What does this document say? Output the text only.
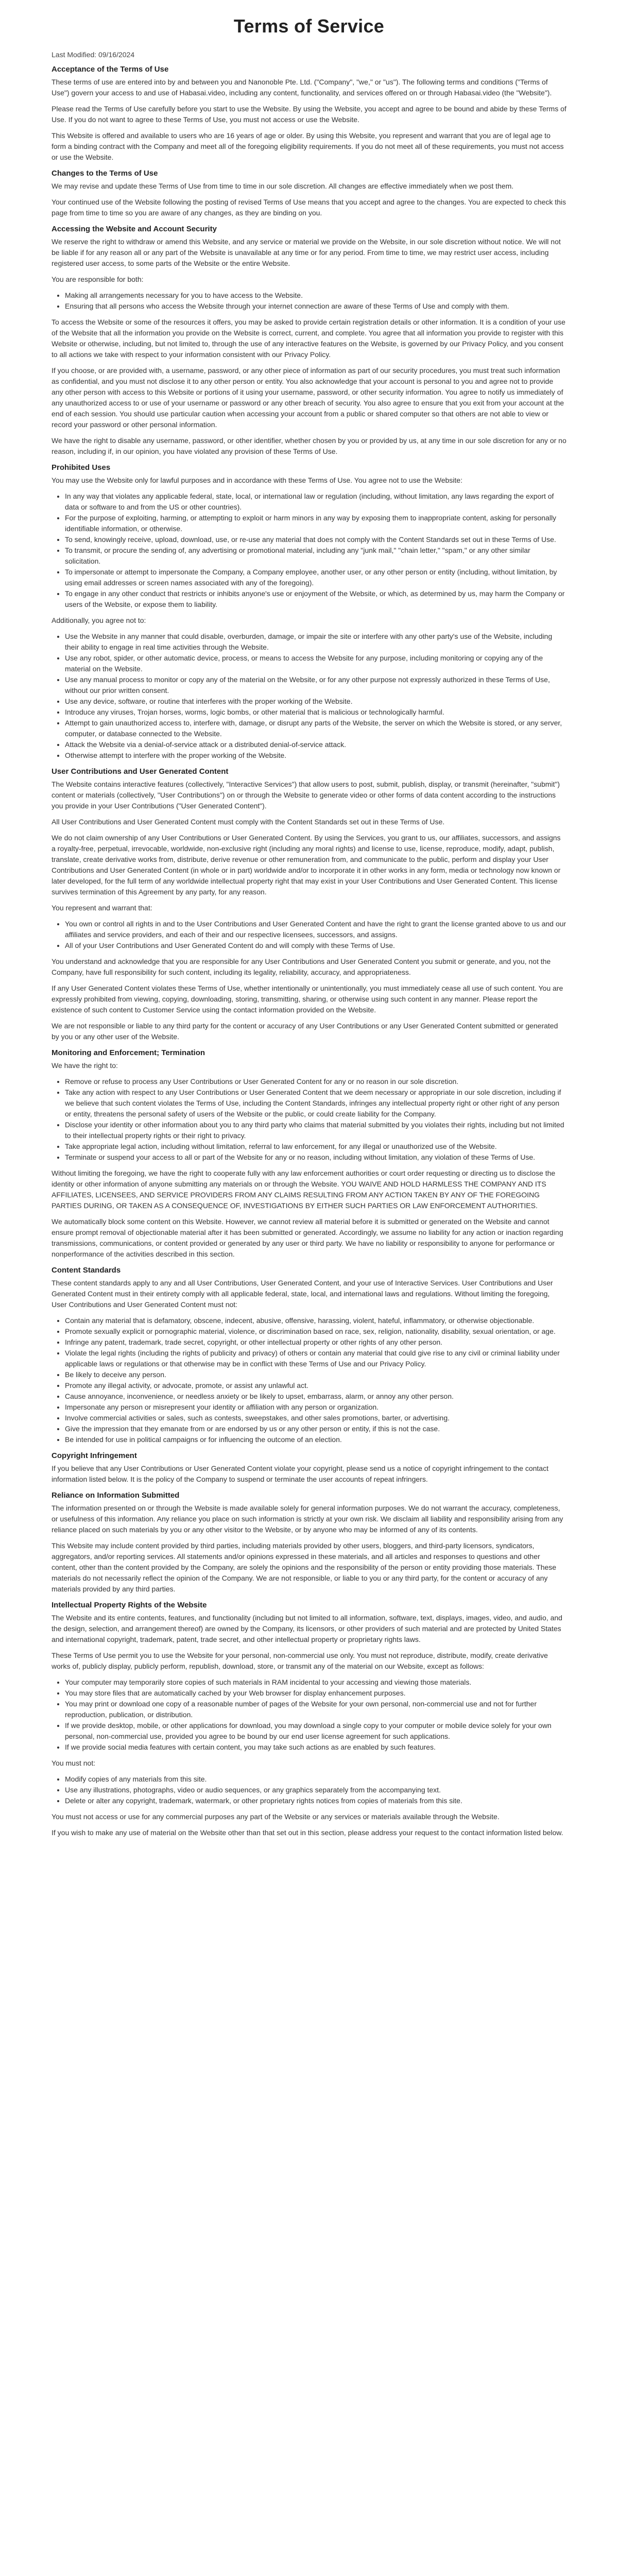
Terms of Service
Last Modified: 09/16/2024
Acceptance of the Terms of Use

These terms of use are entered into by and between you and Nanonoble Pte. Ltd. ("Company", "we," or "us"). The following terms and conditions ("Terms of Use") govern your access to and use of Habasai.video, including any content, functionality, and services offered on or through Habasai.video (the "Website").

Please read the Terms of Use carefully before you start to use the Website. By using the Website, you accept and agree to be bound and abide by these Terms of Use. If you do not want to agree to these Terms of Use, you must not access or use the Website.

This Website is offered and available to users who are 16 years of age or older. By using this Website, you represent and warrant that you are of legal age to form a binding contract with the Company and meet all of the foregoing eligibility requirements. If you do not meet all of these requirements, you must not access or use the Website.

Changes to the Terms of Use

We may revise and update these Terms of Use from time to time in our sole discretion. All changes are effective immediately when we post them.

Your continued use of the Website following the posting of revised Terms of Use means that you accept and agree to the changes. You are expected to check this page from time to time so you are aware of any changes, as they are binding on you.

Accessing the Website and Account Security

We reserve the right to withdraw or amend this Website, and any service or material we provide on the Website, in our sole discretion without notice. We will not be liable if for any reason all or any part of the Website is unavailable at any time or for any period. From time to time, we may restrict user access, including registered user access, to some parts of the Website or the entire Website.

You are responsible for both:

• Making all arrangements necessary for you to have access to the Website.
• Ensuring that all persons who access the Website through your internet connection are aware of these Terms of Use and comply with them.

To access the Website or some of the resources it offers, you may be asked to provide certain registration details or other information. It is a condition of your use of the Website that all the information you provide on the Website is correct, current, and complete. You agree that all information you provide to register with this Website or otherwise, including, but not limited to, through the use of any interactive features on the Website, is governed by our Privacy Policy, and you consent to all actions we take with respect to your information consistent with our Privacy Policy.

If you choose, or are provided with, a username, password, or any other piece of information as part of our security procedures, you must treat such information as confidential, and you must not disclose it to any other person or entity. You also acknowledge that your account is personal to you and agree not to provide any other person with access to this Website or portions of it using your username, password, or other security information. You agree to notify us immediately of any unauthorized access to or use of your username or password or any other breach of security. You also agree to ensure that you exit from your account at the end of each session. You should use particular caution when accessing your account from a public or shared computer so that others are not able to view or record your password or other personal information.

We have the right to disable any username, password, or other identifier, whether chosen by you or provided by us, at any time in our sole discretion for any or no reason, including if, in our opinion, you have violated any provision of these Terms of Use.

Prohibited Uses

You may use the Website only for lawful purposes and in accordance with these Terms of Use. You agree not to use the Website:

• In any way that violates any applicable federal, state, local, or international law or regulation (including, without limitation, any laws regarding the export of data or software to and from the US or other countries).
• For the purpose of exploiting, harming, or attempting to exploit or harm minors in any way by exposing them to inappropriate content, asking for personally identifiable information, or otherwise.
• To send, knowingly receive, upload, download, use, or re-use any material that does not comply with the Content Standards set out in these Terms of Use.
• To transmit, or procure the sending of, any advertising or promotional material, including any "junk mail," "chain letter," "spam," or any other similar solicitation.
• To impersonate or attempt to impersonate the Company, a Company employee, another user, or any other person or entity (including, without limitation, by using email addresses or screen names associated with any of the foregoing).
• To engage in any other conduct that restricts or inhibits anyone's use or enjoyment of the Website, or which, as determined by us, may harm the Company or users of the Website, or expose them to liability.

Additionally, you agree not to:

• Use the Website in any manner that could disable, overburden, damage, or impair the site or interfere with any other party's use of the Website, including their ability to engage in real time activities through the Website.
• Use any robot, spider, or other automatic device, process, or means to access the Website for any purpose, including monitoring or copying any of the material on the Website.
• Use any manual process to monitor or copy any of the material on the Website, or for any other purpose not expressly authorized in these Terms of Use, without our prior written consent.
• Use any device, software, or routine that interferes with the proper working of the Website.
• Introduce any viruses, Trojan horses, worms, logic bombs, or other material that is malicious or technologically harmful.
• Attempt to gain unauthorized access to, interfere with, damage, or disrupt any parts of the Website, the server on which the Website is stored, or any server, computer, or database connected to the Website.
• Attack the Website via a denial-of-service attack or a distributed denial-of-service attack.
• Otherwise attempt to interfere with the proper working of the Website.
User Contributions and User Generated Content

The Website contains interactive features (collectively, "Interactive Services") that allow users to post, submit, publish, display, or transmit (hereinafter, "submit") content or materials (collectively, "User Contributions") on or through the Website to generate video or other forms of data content according to the instructions you provide in your User Contributions ("User Generated Content").

All User Contributions and User Generated Content must comply with the Content Standards set out in these Terms of Use.

We do not claim ownership of any User Contributions or User Generated Content. By using the Services, you grant to us, our affiliates, successors, and assigns a royalty-free, perpetual, irrevocable, worldwide, non-exclusive right (including any moral rights) and license to use, license, reproduce, modify, adapt, publish, translate, create derivative works from, distribute, derive revenue or other remuneration from, and communicate to the public, perform and display your User Contributions and User Generated Content (in whole or in part) worldwide and/or to incorporate it in other works in any form, media or technology now known or later developed, for the full term of any worldwide intellectual property right that may exist in your User Contributions and User Generated Content. This license survives termination of this Agreement by any party, for any reason.

You represent and warrant that:

• You own or control all rights in and to the User Contributions and User Generated Content and have the right to grant the license granted above to us and our affiliates and service providers, and each of their and our respective licensees, successors, and assigns.
• All of your User Contributions and User Generated Content do and will comply with these Terms of Use.

You understand and acknowledge that you are responsible for any User Contributions and User Generated Content you submit or generate, and you, not the Company, have full responsibility for such content, including its legality, reliability, accuracy, and appropriateness.

If any User Generated Content violates these Terms of Use, whether intentionally or unintentionally, you must immediately cease all use of such content. You are expressly prohibited from viewing, copying, downloading, storing, transmitting, sharing, or otherwise using such content in any manner. Please report the existence of such content to Customer Service using the contact information provided on the Website.

We are not responsible or liable to any third party for the content or accuracy of any User Contributions or any User Generated Content submitted or generated by you or any other user of the Website.

Monitoring and Enforcement; Termination

We have the right to:

• Remove or refuse to process any User Contributions or User Generated Content for any or no reason in our sole discretion.
• Take any action with respect to any User Contributions or User Generated Content that we deem necessary or appropriate in our sole discretion, including if we believe that such content violates the Terms of Use, including the Content Standards, infringes any intellectual property right or other right of any person or entity, threatens the personal safety of users of the Website or the public, or could create liability for the Company.
• Disclose your identity or other information about you to any third party who claims that material submitted by you violates their rights, including but not limited to their intellectual property rights or their right to privacy.
• Take appropriate legal action, including without limitation, referral to law enforcement, for any illegal or unauthorized use of the Website.
• Terminate or suspend your access to all or part of the Website for any or no reason, including without limitation, any violation of these Terms of Use.

Without limiting the foregoing, we have the right to cooperate fully with any law enforcement authorities or court order requesting or directing us to disclose the identity or other information of anyone submitting any materials on or through the Website. YOU WAIVE AND HOLD HARMLESS THE COMPANY AND ITS AFFILIATES, LICENSEES, AND SERVICE PROVIDERS FROM ANY CLAIMS RESULTING FROM ANY ACTION TAKEN BY ANY OF THE FOREGOING PARTIES DURING, OR TAKEN AS A CONSEQUENCE OF, INVESTIGATIONS BY EITHER SUCH PARTIES OR LAW ENFORCEMENT AUTHORITIES.

We automatically block some content on this Website. However, we cannot review all material before it is submitted or generated on the Website and cannot ensure prompt removal of objectionable material after it has been submitted or generated. Accordingly, we assume no liability for any action or inaction regarding transmissions, communications, or content provided or generated by any user or third party. We have no liability or responsibility to anyone for performance or nonperformance of the activities described in this section.

Content Standards

These content standards apply to any and all User Contributions, User Generated Content, and your use of Interactive Services. User Contributions and User Generated Content must in their entirety comply with all applicable federal, state, local, and international laws and regulations. Without limiting the foregoing, User Contributions and User Generated Content must not:

• Contain any material that is defamatory, obscene, indecent, abusive, offensive, harassing, violent, hateful, inflammatory, or otherwise objectionable.
• Promote sexually explicit or pornographic material, violence, or discrimination based on race, sex, religion, nationality, disability, sexual orientation, or age.
• Infringe any patent, trademark, trade secret, copyright, or other intellectual property or other rights of any other person.
• Violate the legal rights (including the rights of publicity and privacy) of others or contain any material that could give rise to any civil or criminal liability under applicable laws or regulations or that otherwise may be in conflict with these Terms of Use and our Privacy Policy.
• Be likely to deceive any person.
• Promote any illegal activity, or advocate, promote, or assist any unlawful act.
• Cause annoyance, inconvenience, or needless anxiety or be likely to upset, embarrass, alarm, or annoy any other person.
• Impersonate any person or misrepresent your identity or affiliation with any person or organization.
• Involve commercial activities or sales, such as contests, sweepstakes, and other sales promotions, barter, or advertising.
• Give the impression that they emanate from or are endorsed by us or any other person or entity, if this is not the case.
• Be intended for use in political campaigns or for influencing the outcome of an election.
Copyright Infringement

If you believe that any User Contributions or User Generated Content violate your copyright, please send us a notice of copyright infringement to the contact information listed below. It is the policy of the Company to suspend or terminate the user accounts of repeat infringers.

Reliance on Information Submitted

The information presented on or through the Website is made available solely for general information purposes. We do not warrant the accuracy, completeness, or usefulness of this information. Any reliance you place on such information is strictly at your own risk. We disclaim all liability and responsibility arising from any reliance placed on such materials by you or any other visitor to the Website, or by anyone who may be informed of any of its contents.

This Website may include content provided by third parties, including materials provided by other users, bloggers, and third-party licensors, syndicators, aggregators, and/or reporting services. All statements and/or opinions expressed in these materials, and all articles and responses to questions and other content, other than the content provided by the Company, are solely the opinions and the responsibility of the person or entity providing those materials. These materials do not necessarily reflect the opinion of the Company. We are not responsible, or liable to you or any third party, for the content or accuracy of any materials provided by any third parties.

Intellectual Property Rights of the Website

The Website and its entire contents, features, and functionality (including but not limited to all information, software, text, displays, images, video, and audio, and the design, selection, and arrangement thereof) are owned by the Company, its licensors, or other providers of such material and are protected by United States and international copyright, trademark, patent, trade secret, and other intellectual property or proprietary rights laws.

These Terms of Use permit you to use the Website for your personal, non-commercial use only. You must not reproduce, distribute, modify, create derivative works of, publicly display, publicly perform, republish, download, store, or transmit any of the material on our Website, except as follows:

• Your computer may temporarily store copies of such materials in RAM incidental to your accessing and viewing those materials.
• You may store files that are automatically cached by your Web browser for display enhancement purposes.
• You may print or download one copy of a reasonable number of pages of the Website for your own personal, non-commercial use and not for further reproduction, publication, or distribution.
• If we provide desktop, mobile, or other applications for download, you may download a single copy to your computer or mobile device solely for your own personal, non-commercial use, provided you agree to be bound by our end user license agreement for such applications.
• If we provide social media features with certain content, you may take such actions as are enabled by such features.

You must not:

• Modify copies of any materials from this site.
• Use any illustrations, photographs, video or audio sequences, or any graphics separately from the accompanying text.
• Delete or alter any copyright, trademark, watermark, or other proprietary rights notices from copies of materials from this site.

You must not access or use for any commercial purposes any part of the Website or any services or materials available through the Website.

If you wish to make any use of material on the Website other than that set out in this section, please address your request to the contact information listed below.
